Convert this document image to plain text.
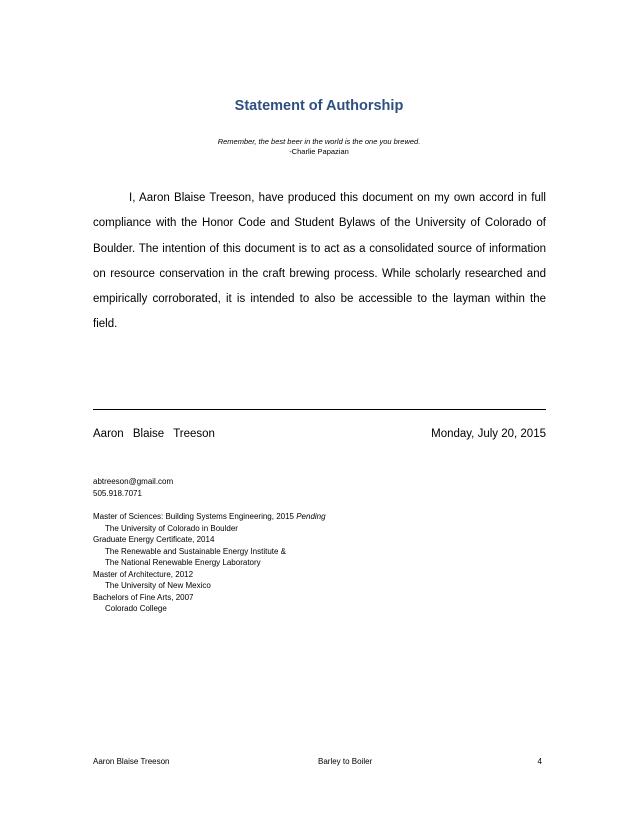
Statement of Authorship
Remember, the best beer in the world is the one you brewed.
-Charlie Papazian
I, Aaron Blaise Treeson, have produced this document on my own accord in full compliance with the Honor Code and Student Bylaws of the University of Colorado of Boulder. The intention of this document is to act as a consolidated source of information on resource conservation in the craft brewing process. While scholarly researched and empirically corroborated, it is intended to also be accessible to the layman within the field.
Aaron Blaise Treeson	Monday, July 20, 2015
abtreeson@gmail.com
505.918.7071
Master of Sciences: Building Systems Engineering, 2015 Pending
The University of Colorado in Boulder
Graduate Energy Certificate, 2014
The Renewable and Sustainable Energy Institute &
The National Renewable Energy Laboratory
Master of Architecture, 2012
The University of New Mexico
Bachelors of Fine Arts, 2007
Colorado College
Aaron Blaise Treeson	Barley to Boiler	4
